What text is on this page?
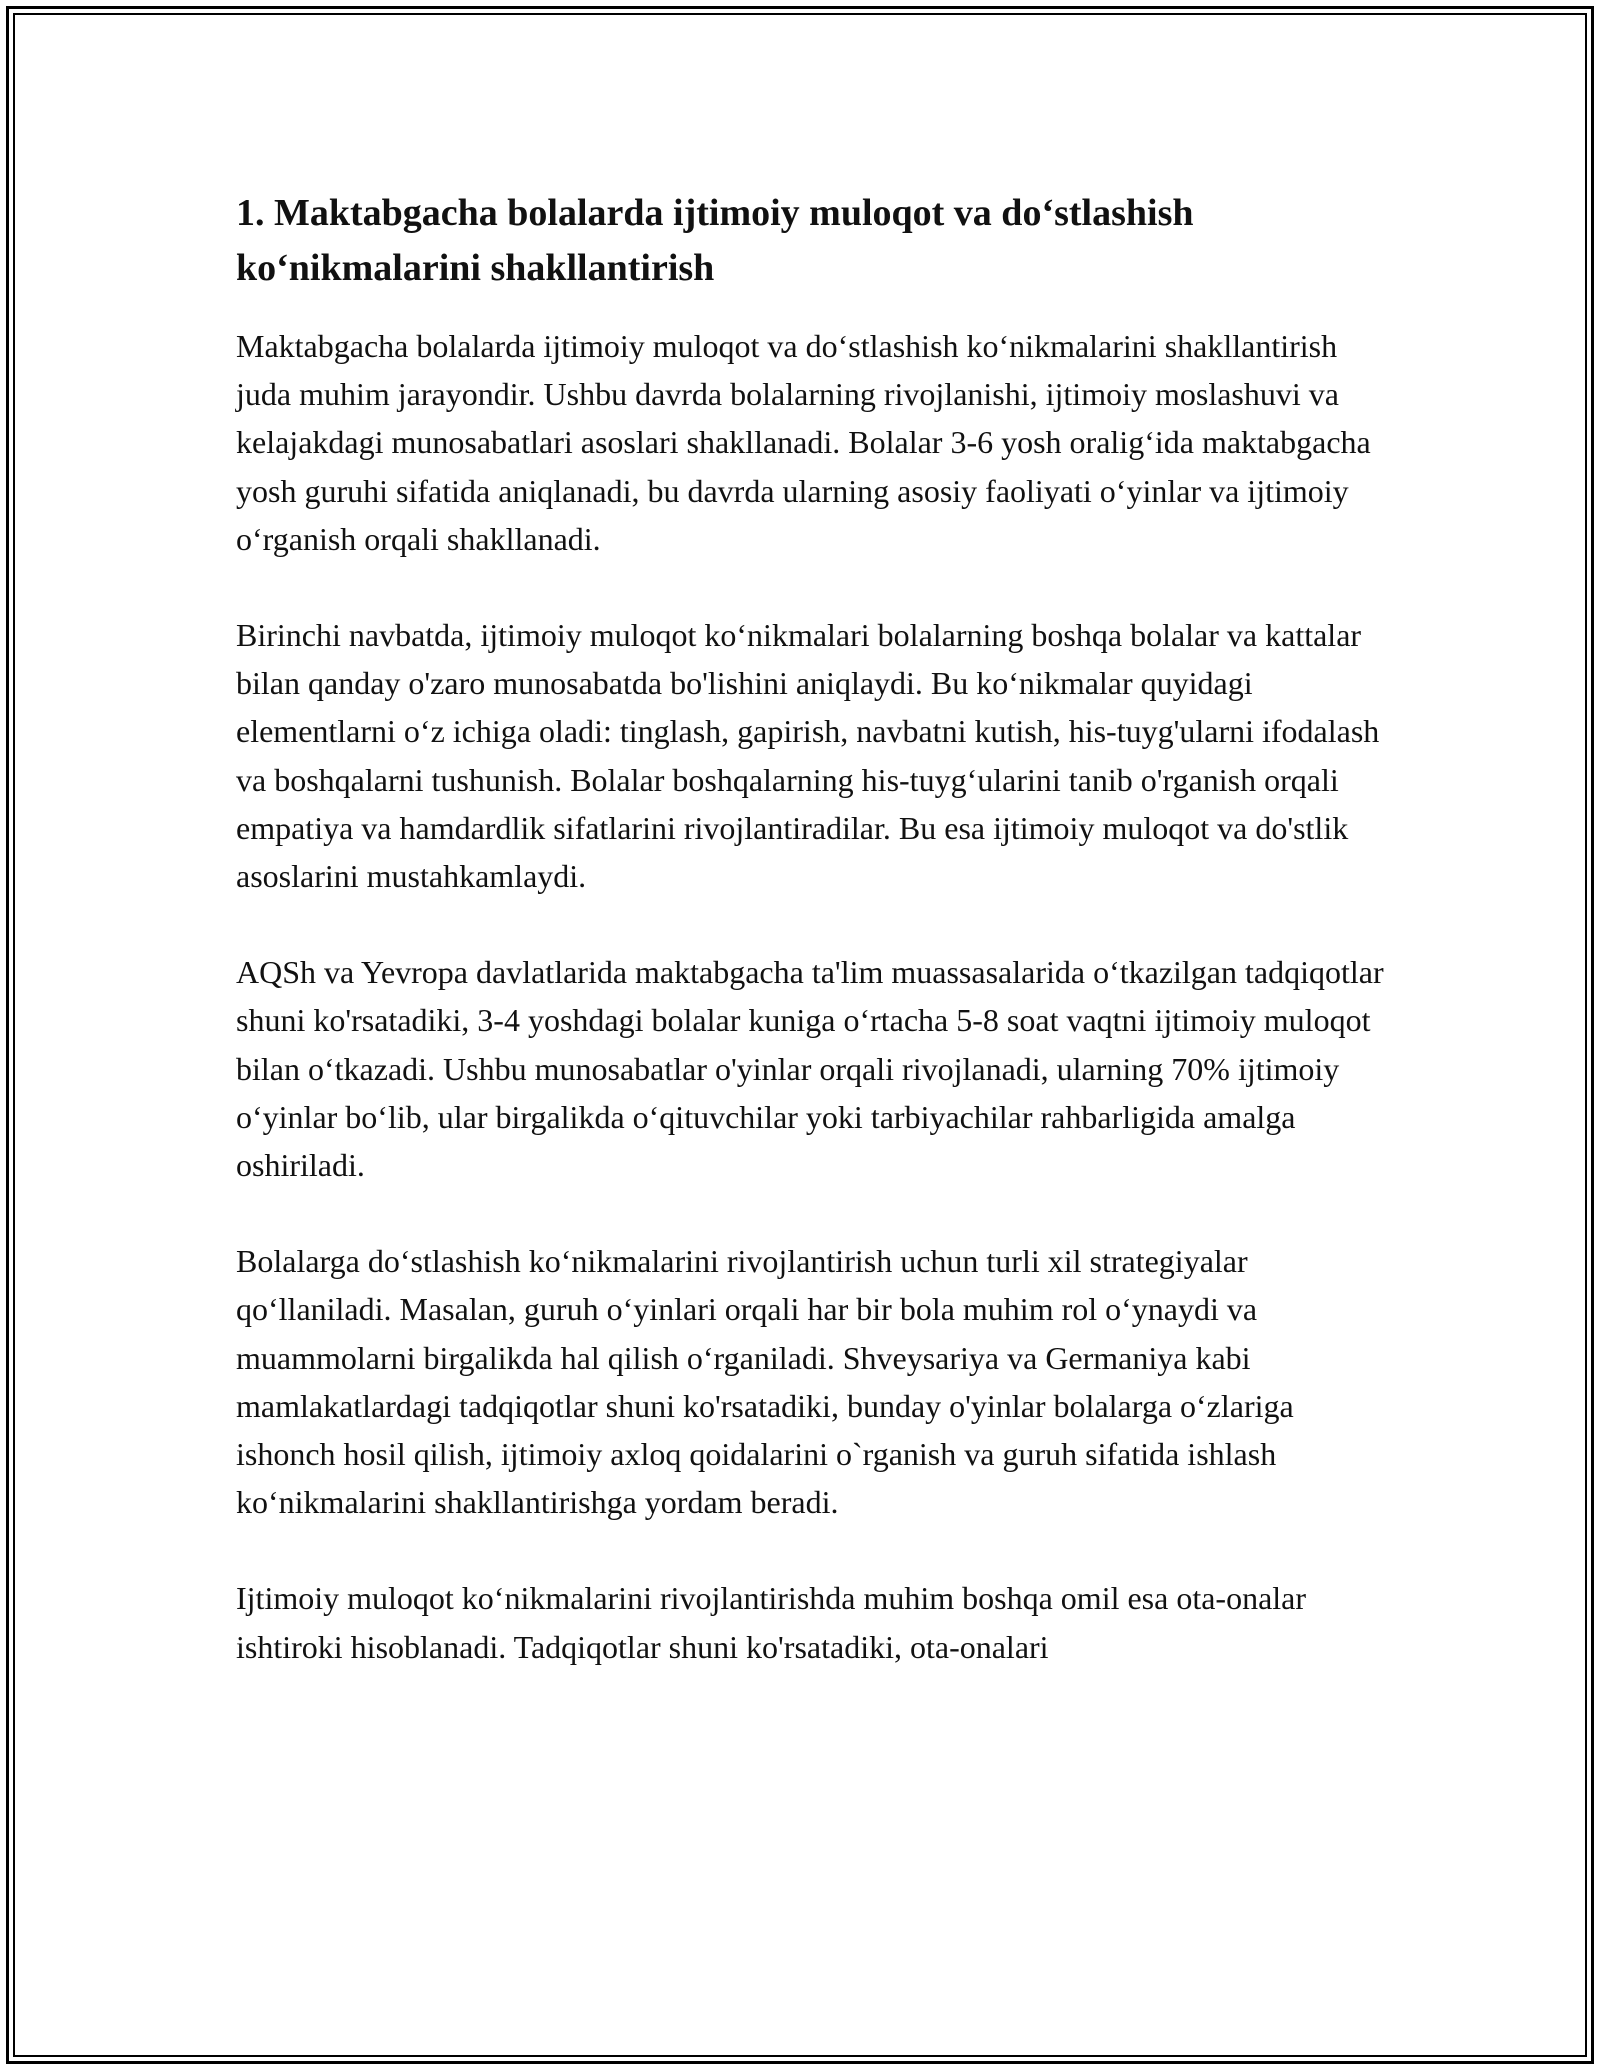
1. Maktabgacha bolalarda ijtimoiy muloqot va do‘stlashish ko‘nikmalarini shakllantirish

Maktabgacha bolalarda ijtimoiy muloqot va do‘stlashish ko‘nikmalarini shakllantirish juda muhim jarayondir. Ushbu davrda bolalarning rivojlanishi, ijtimoiy moslashuvi va kelajakdagi munosabatlari asoslari shakllanadi. Bolalar 3-6 yosh oralig‘ida maktabgacha yosh guruhi sifatida aniqlanadi, bu davrda ularning asosiy faoliyati o‘yinlar va ijtimoiy o‘rganish orqali shakllanadi.

Birinchi navbatda, ijtimoiy muloqot ko‘nikmalari bolalarning boshqa bolalar va kattalar bilan qanday o'zaro munosabatda bo'lishini aniqlaydi. Bu ko‘nikmalar quyidagi elementlarni o‘z ichiga oladi: tinglash, gapirish, navbatni kutish, his-tuyg'ularni ifodalash va boshqalarni tushunish. Bolalar boshqalarning his-tuyg‘ularini tanib o'rganish orqali empatiya va hamdardlik sifatlarini rivojlantiradilar. Bu esa ijtimoiy muloqot va do'stlik asoslarini mustahkamlaydi.

AQSh va Yevropa davlatlarida maktabgacha ta'lim muassasalarida o‘tkazilgan tadqiqotlar shuni ko'rsatadiki, 3-4 yoshdagi bolalar kuniga o‘rtacha 5-8 soat vaqtni ijtimoiy muloqot bilan o‘tkazadi. Ushbu munosabatlar o'yinlar orqali rivojlanadi, ularning 70% ijtimoiy o‘yinlar bo‘lib, ular birgalikda o‘qituvchilar yoki tarbiyachilar rahbarligida amalga oshiriladi.

Bolalarga do‘stlashish ko‘nikmalarini rivojlantirish uchun turli xil strategiyalar qo‘llaniladi. Masalan, guruh o‘yinlari orqali har bir bola muhim rol o‘ynaydi va muammolarni birgalikda hal qilish o‘rganiladi. Shveysariya va Germaniya kabi mamlakatlardagi tadqiqotlar shuni ko'rsatadiki, bunday o'yinlar bolalarga o‘zlariga ishonch hosil qilish, ijtimoiy axloq qoidalarini o`rganish va guruh sifatida ishlash ko‘nikmalarini shakllantirishga yordam beradi.

Ijtimoiy muloqot ko‘nikmalarini rivojlantirishda muhim boshqa omil esa ota-onalar ishtiroki hisoblanadi. Tadqiqotlar shuni ko'rsatadiki, ota-onalari
